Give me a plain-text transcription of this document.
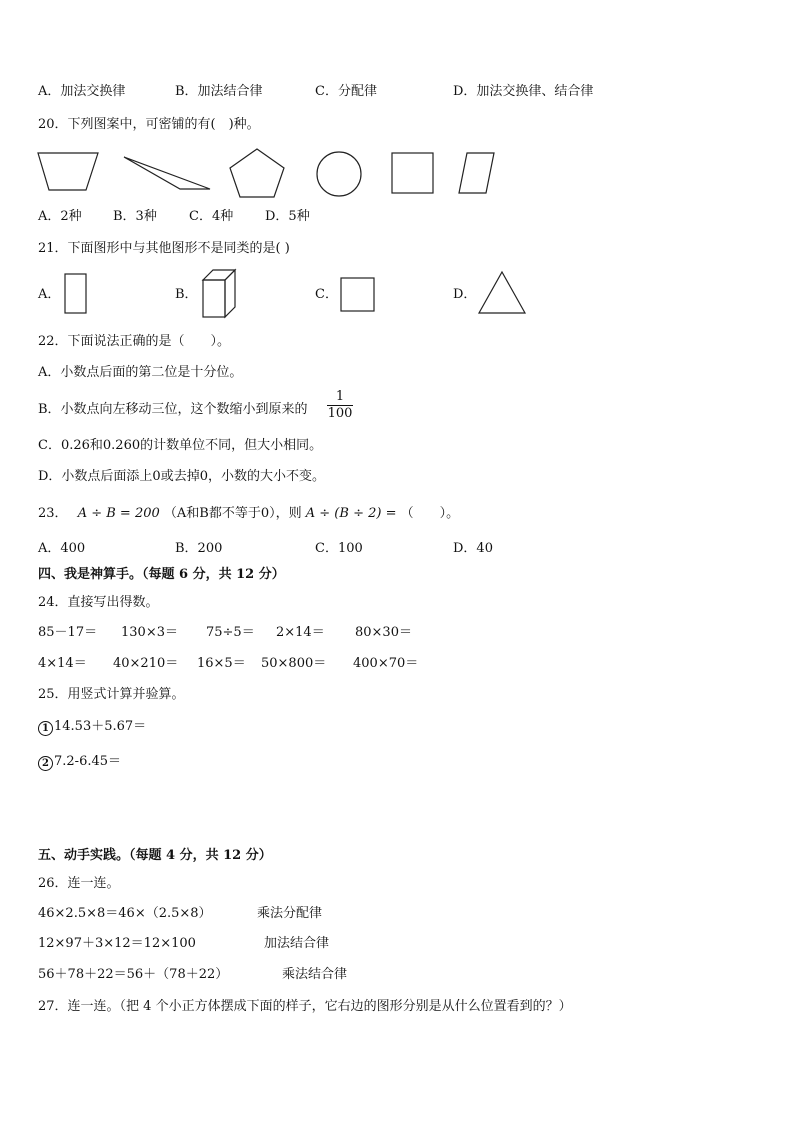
A．加法交换律	B．加法结合律	C．分配律	D．加法交换律、结合律
20．下列图案中，可密铺的有(　)种。
A．2种 B．3种 C．4种 D．5种
21．下面图形中与其他图形不是同类的是( )
A．	B．	C．	D．
22．下面说法正确的是（　　）。
A．小数点后面的第二位是十分位。
B．小数点向左移动三位，这个数缩小到原来的
1
100
C．0.26和0.260的计数单位不同，但大小相同。
D．小数点后面添上0或去掉0，小数的大小不变。
23． A ÷ B = 200 （A和B都不等于0），则 A ÷ (B ÷ 2) = （　　）。
A．400	B．200	C．100	D．40
四、我是神算手。（每题 6 分，共 12 分）
24．直接写出得数。
85－17＝ 130×3＝ 75÷5＝ 2×14＝ 80×30＝
4×14＝ 40×210＝ 16×5＝ 50×800＝ 400×70＝
25．用竖式计算并验算。
1 14.53＋5.67＝
2 7.2-6.45＝
五、动手实践。（每题 4 分，共 12 分）
26．连一连。
46×2.5×8＝46×（2.5×8）	乘法分配律
12×97＋3×12＝12×100	加法结合律
56＋78＋22＝56＋（78＋22）	乘法结合律
27．连一连。（把 4 个小正方体摆成下面的样子，它右边的图形分别是从什么位置看到的？）
